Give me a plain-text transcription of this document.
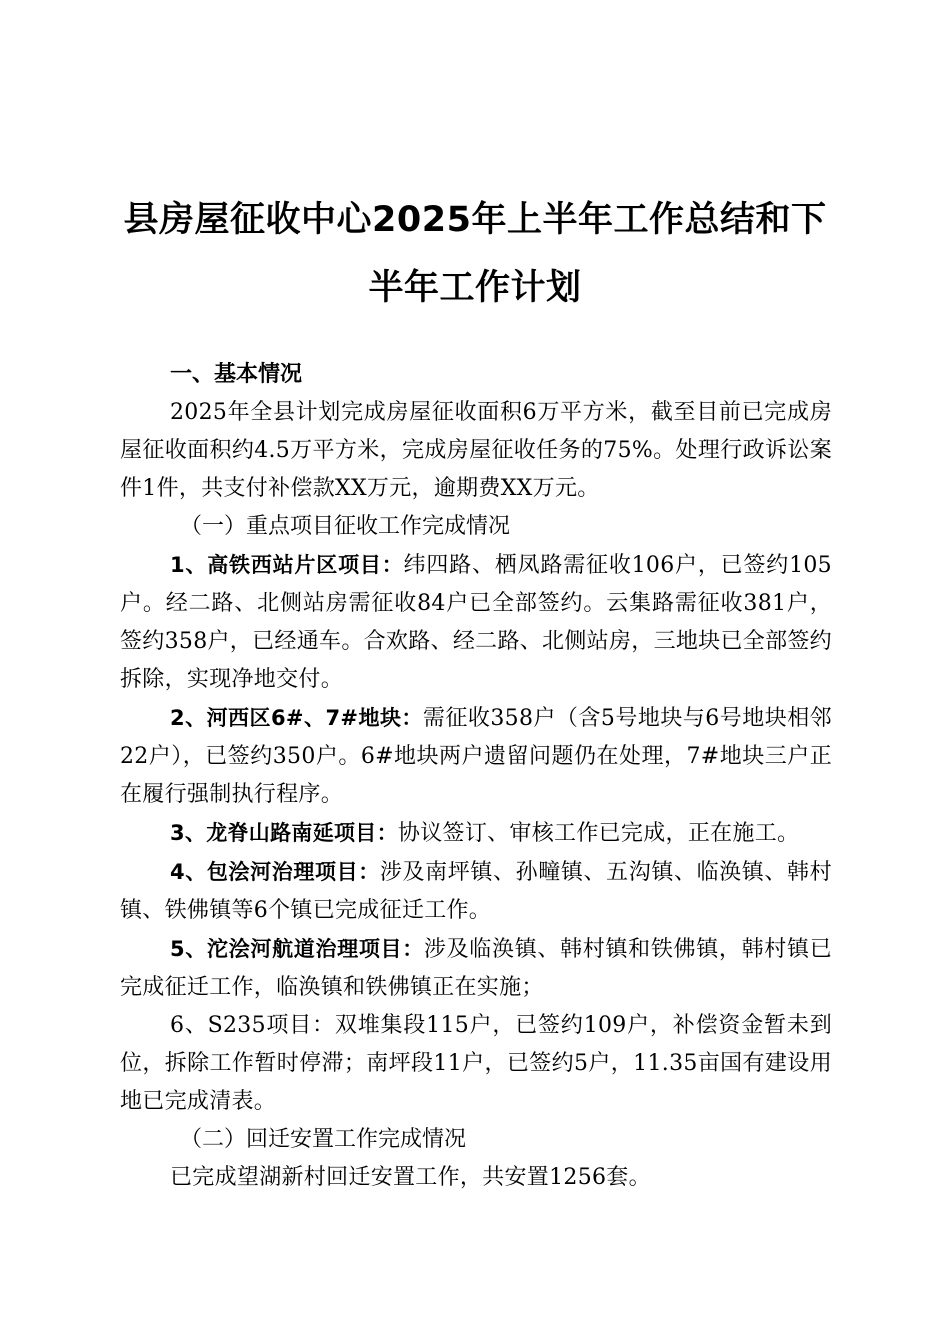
县房屋征收中心2025年上半年工作总结和下
半年工作计划

一、基本情况

2025年全县计划完成房屋征收面积6万平方米，截至目前已完成房屋征收面积约4.5万平方米，完成房屋征收任务的75%。处理行政诉讼案件1件，共支付补偿款XX万元，逾期费XX万元。

（一）重点项目征收工作完成情况

1、高铁西站片区项目：纬四路、栖凤路需征收106户，已签约105户。经二路、北侧站房需征收84户已全部签约。云集路需征收381户，签约358户，已经通车。合欢路、经二路、北侧站房，三地块已全部签约拆除，实现净地交付。

2、河西区6#、7#地块：需征收358户（含5号地块与6号地块相邻22户），已签约350户。6#地块两户遗留问题仍在处理，7#地块三户正在履行强制执行程序。

3、龙脊山路南延项目：协议签订、审核工作已完成，正在施工。

4、包浍河治理项目：涉及南坪镇、孙疃镇、五沟镇、临涣镇、韩村镇、铁佛镇等6个镇已完成征迁工作。

5、沱浍河航道治理项目：涉及临涣镇、韩村镇和铁佛镇，韩村镇已完成征迁工作，临涣镇和铁佛镇正在实施；

6、S235项目：双堆集段115户，已签约109户，补偿资金暂未到位，拆除工作暂时停滞；南坪段11户，已签约5户，11.35亩国有建设用地已完成清表。

（二）回迁安置工作完成情况

已完成望湖新村回迁安置工作，共安置1256套。
